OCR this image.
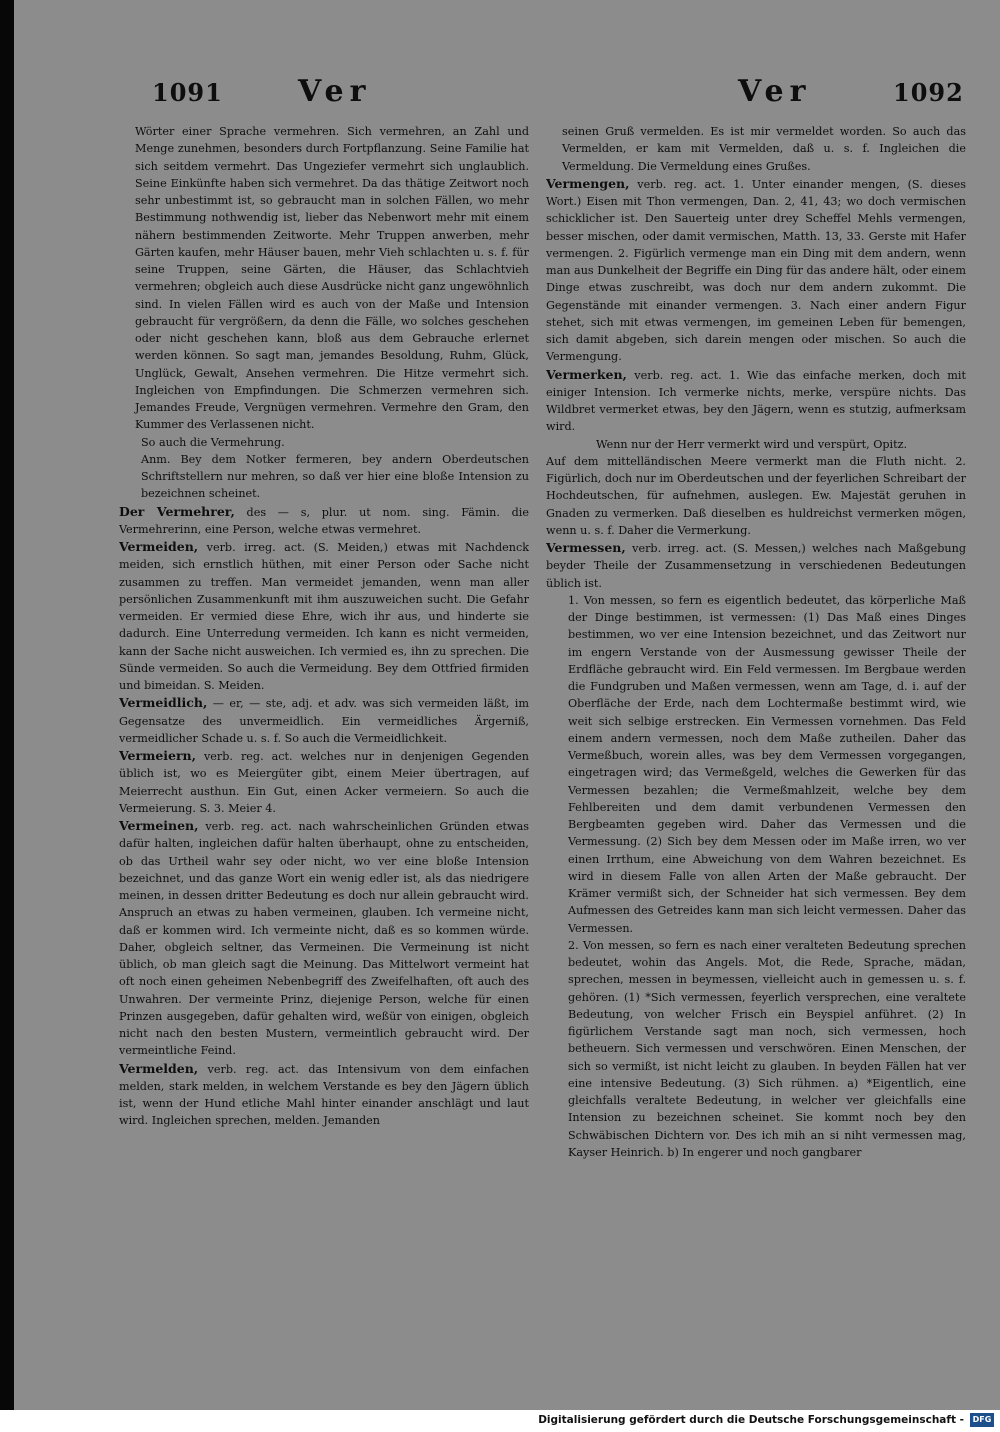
1091	Ver	Ver	1092

Wörter einer Sprache vermehren. Sich vermehren, an Zahl und Menge zunehmen, besonders durch Fortpflanzung. Seine Familie hat sich seitdem vermehrt. Das Ungeziefer vermehrt sich unglaublich. Seine Einkünfte haben sich vermehret. Da das thätige Zeitwort noch sehr unbestimmt ist, so gebraucht man in solchen Fällen, wo mehr Bestimmung nothwendig ist, lieber das Nebenwort mehr mit einem nähern bestimmenden Zeitworte. Mehr Truppen anwerben, mehr Gärten kaufen, mehr Häuser bauen, mehr Vieh schlachten u. s. f. für seine Truppen, seine Gärten, die Häuser, das Schlachtvieh vermehren; obgleich auch diese Ausdrücke nicht ganz ungewöhnlich sind. In vielen Fällen wird es auch von der Maße und Intension gebraucht für vergrößern, da denn die Fälle, wo solches geschehen oder nicht geschehen kann, bloß aus dem Gebrauche erlernet werden können. So sagt man, jemandes Besoldung, Ruhm, Glück, Unglück, Gewalt, Ansehen vermehren. Die Hitze vermehrt sich. Ingleichen von Empfindungen. Die Schmerzen vermehren sich. Jemandes Freude, Vergnügen vermehren. Vermehre den Gram, den Kummer des Verlassenen nicht.

So auch die Vermehrung.

Anm. Bey dem Notker fermeren, bey andern Oberdeutschen Schriftstellern nur mehren, so daß ver hier eine bloße Intension zu bezeichnen scheinet.

Der Vermehrer, des — s, plur. ut nom. sing. Fämin. die Vermehrerinn, eine Person, welche etwas vermehret.

Vermeiden, verb. irreg. act. (S. Meiden,) etwas mit Nachdenck meiden, sich ernstlich hüthen, mit einer Person oder Sache nicht zusammen zu treffen. Man vermeidet jemanden, wenn man aller persönlichen Zusammenkunft mit ihm auszuweichen sucht. Die Gefahr vermeiden. Er vermied diese Ehre, wich ihr aus, und hinderte sie dadurch. Eine Unterredung vermeiden. Ich kann es nicht vermeiden, kann der Sache nicht ausweichen. Ich vermied es, ihn zu sprechen. Die Sünde vermeiden. So auch die Vermeidung. Bey dem Ottfried firmiden und bimeidan. S. Meiden.

Vermeidlich, — er, — ste, adj. et adv. was sich vermeiden läßt, im Gegensatze des unvermeidlich. Ein vermeidliches Ärgerniß, vermeidlicher Schade u. s. f. So auch die Vermeidlichkeit.

Vermeiern, verb. reg. act. welches nur in denjenigen Gegenden üblich ist, wo es Meiergüter gibt, einem Meier übertragen, auf Meierrecht austhun. Ein Gut, einen Acker vermeiern. So auch die Vermeierung. S. 3. Meier 4.

Vermeinen, verb. reg. act. nach wahrscheinlichen Gründen etwas dafür halten, ingleichen dafür halten überhaupt, ohne zu entscheiden, ob das Urtheil wahr sey oder nicht, wo ver eine bloße Intension bezeichnet, und das ganze Wort ein wenig edler ist, als das niedrigere meinen, in dessen dritter Bedeutung es doch nur allein gebraucht wird. Anspruch an etwas zu haben vermeinen, glauben. Ich vermeine nicht, daß er kommen wird. Ich vermeinte nicht, daß es so kommen würde. Daher, obgleich seltner, das Vermeinen. Die Vermeinung ist nicht üblich, ob man gleich sagt die Meinung. Das Mittelwort vermeint hat oft noch einen geheimen Nebenbegriff des Zweifelhaften, oft auch des Unwahren. Der vermeinte Prinz, diejenige Person, welche für einen Prinzen ausgegeben, dafür gehalten wird, weßür von einigen, obgleich nicht nach den besten Mustern, vermeintlich gebraucht wird. Der vermeintliche Feind.

Vermelden, verb. reg. act. das Intensivum von dem einfachen melden, stark melden, in welchem Verstande es bey den Jägern üblich ist, wenn der Hund etliche Mahl hinter einander anschlägt und laut wird. Ingleichen sprechen, melden. Jemanden

seinen Gruß vermelden. Es ist mir vermeldet worden. So auch das Vermelden, er kam mit Vermelden, daß u. s. f. Ingleichen die Vermeldung. Die Vermeldung eines Grußes.

Vermengen, verb. reg. act. 1. Unter einander mengen, (S. dieses Wort.) Eisen mit Thon vermengen, Dan. 2, 41, 43; wo doch vermischen schicklicher ist. Den Sauerteig unter drey Scheffel Mehls vermengen, besser mischen, oder damit vermischen, Matth. 13, 33. Gerste mit Hafer vermengen. 2. Figürlich vermenge man ein Ding mit dem andern, wenn man aus Dunkelheit der Begriffe ein Ding für das andere hält, oder einem Dinge etwas zuschreibt, was doch nur dem andern zukommt. Die Gegenstände mit einander vermengen. 3. Nach einer andern Figur stehet, sich mit etwas vermengen, im gemeinen Leben für bemengen, sich damit abgeben, sich darein mengen oder mischen. So auch die Vermengung.

Vermerken, verb. reg. act. 1. Wie das einfache merken, doch mit einiger Intension. Ich vermerke nichts, merke, verspüre nichts. Das Wildbret vermerket etwas, bey den Jägern, wenn es stutzig, aufmerksam wird.

Wenn nur der Herr vermerkt wird und verspürt, Opitz.

Auf dem mittelländischen Meere vermerkt man die Fluth nicht. 2. Figürlich, doch nur im Oberdeutschen und der feyerlichen Schreibart der Hochdeutschen, für aufnehmen, auslegen. Ew. Majestät geruhen in Gnaden zu vermerken. Daß dieselben es huldreichst vermerken mögen, wenn u. s. f. Daher die Vermerkung.

Vermessen, verb. irreg. act. (S. Messen,) welches nach Maßgebung beyder Theile der Zusammensetzung in verschiedenen Bedeutungen üblich ist.

1. Von messen, so fern es eigentlich bedeutet, das körperliche Maß der Dinge bestimmen, ist vermessen: (1) Das Maß eines Dinges bestimmen, wo ver eine Intension bezeichnet, und das Zeitwort nur im engern Verstande von der Ausmessung gewisser Theile der Erdfläche gebraucht wird. Ein Feld vermessen. Im Bergbaue werden die Fundgruben und Maßen vermessen, wenn am Tage, d. i. auf der Oberfläche der Erde, nach dem Lochtermaße bestimmt wird, wie weit sich selbige erstrecken. Ein Vermessen vornehmen. Das Feld einem andern vermessen, noch dem Maße zutheilen. Daher das Vermeßbuch, worein alles, was bey dem Vermessen vorgegangen, eingetragen wird; das Vermeßgeld, welches die Gewerken für das Vermessen bezahlen; die Vermeßmahlzeit, welche bey dem Fehlbereiten und dem damit verbundenen Vermessen den Bergbeamten gegeben wird. Daher das Vermessen und die Vermessung. (2) Sich bey dem Messen oder im Maße irren, wo ver einen Irrthum, eine Abweichung von dem Wahren bezeichnet. Es wird in diesem Falle von allen Arten der Maße gebraucht. Der Krämer vermißt sich, der Schneider hat sich vermessen. Bey dem Aufmessen des Getreides kann man sich leicht vermessen. Daher das Vermessen.

2. Von messen, so fern es nach einer veralteten Bedeutung sprechen bedeutet, wohin das Angels. Mot, die Rede, Sprache, mädan, sprechen, messen in beymessen, vielleicht auch in gemessen u. s. f. gehören. (1) *Sich vermessen, feyerlich versprechen, eine veraltete Bedeutung, von welcher Frisch ein Beyspiel anführet. (2) In figürlichem Verstande sagt man noch, sich vermessen, hoch betheuern. Sich vermessen und verschwören. Einen Menschen, der sich so vermißt, ist nicht leicht zu glauben. In beyden Fällen hat ver eine intensive Bedeutung. (3) Sich rühmen. a) *Eigentlich, eine gleichfalls veraltete Bedeutung, in welcher ver gleichfalls eine Intension zu bezeichnen scheinet. Sie kommt noch bey den Schwäbischen Dichtern vor. Des ich mih an si niht vermessen mag, Kayser Heinrich. b) In engerer und noch gangbarer

Digitalisierung gefördert durch die Deutsche Forschungsgemeinschaft -	DFG
